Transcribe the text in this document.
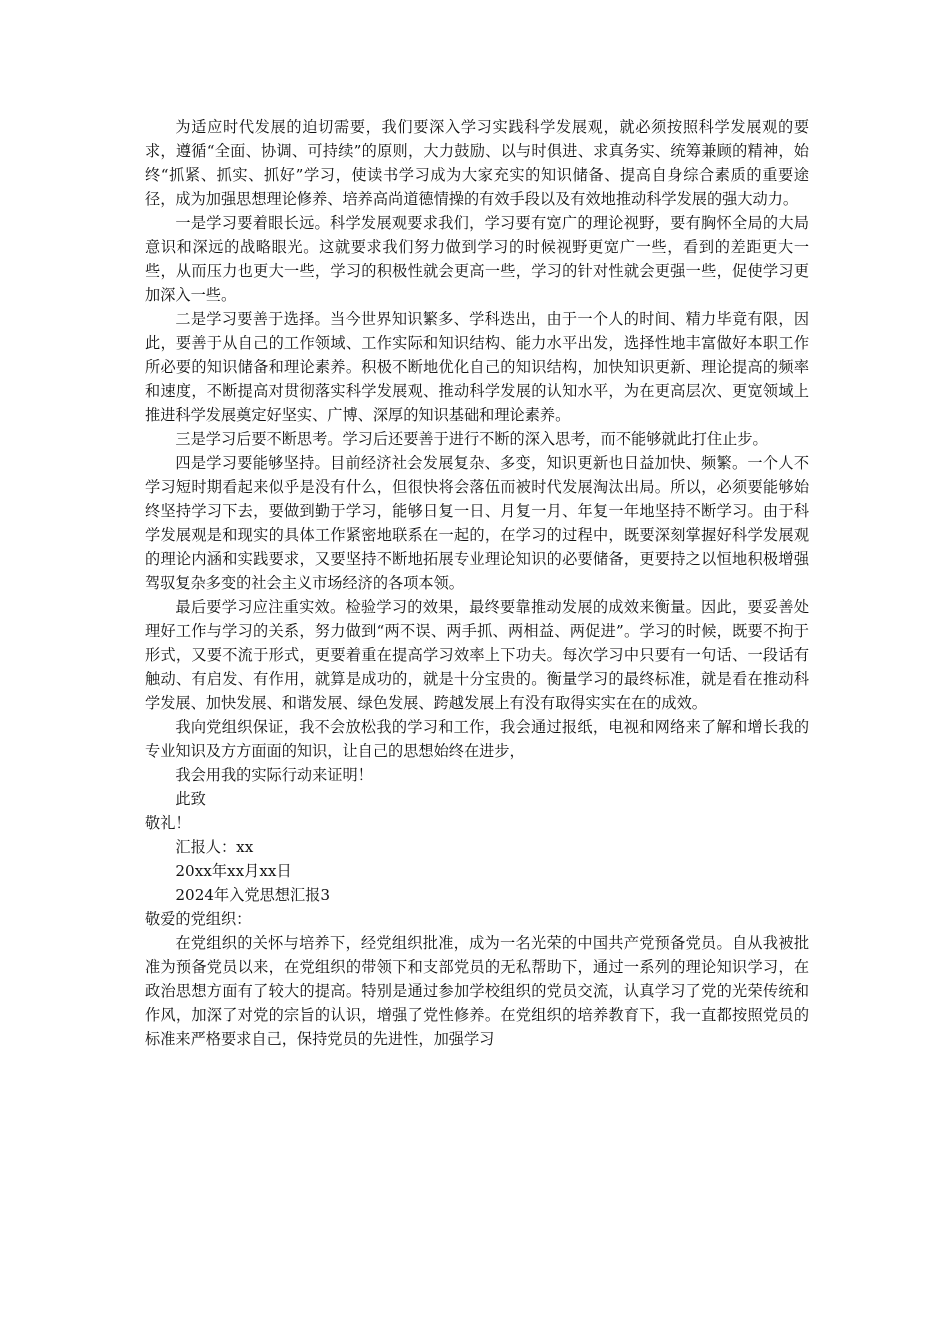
为适应时代发展的迫切需要，我们要深入学习实践科学发展观，就必须按照科学发展观的要求，遵循“全面、协调、可持续”的原则，大力鼓励、以与时俱进、求真务实、统筹兼顾的精神，始终“抓紧、抓实、抓好”学习，使读书学习成为大家充实的知识储备、提高自身综合素质的重要途径，成为加强思想理论修养、培养高尚道德情操的有效手段以及有效地推动科学发展的强大动力。

一是学习要着眼长远。科学发展观要求我们，学习要有宽广的理论视野，要有胸怀全局的大局意识和深远的战略眼光。这就要求我们努力做到学习的时候视野更宽广一些，看到的差距更大一些，从而压力也更大一些，学习的积极性就会更高一些，学习的针对性就会更强一些，促使学习更加深入一些。

二是学习要善于选择。当今世界知识繁多、学科迭出，由于一个人的时间、精力毕竟有限，因此，要善于从自己的工作领域、工作实际和知识结构、能力水平出发，选择性地丰富做好本职工作所必要的知识储备和理论素养。积极不断地优化自己的知识结构，加快知识更新、理论提高的频率和速度，不断提高对贯彻落实科学发展观、推动科学发展的认知水平，为在更高层次、更宽领域上推进科学发展奠定好坚实、广博、深厚的知识基础和理论素养。

三是学习后要不断思考。学习后还要善于进行不断的深入思考，而不能够就此打住止步。

四是学习要能够坚持。目前经济社会发展复杂、多变，知识更新也日益加快、频繁。一个人不学习短时期看起来似乎是没有什么，但很快将会落伍而被时代发展淘汰出局。所以，必须要能够始终坚持学习下去，要做到勤于学习，能够日复一日、月复一月、年复一年地坚持不断学习。由于科学发展观是和现实的具体工作紧密地联系在一起的，在学习的过程中，既要深刻掌握好科学发展观的理论内涵和实践要求，又要坚持不断地拓展专业理论知识的必要储备，更要持之以恒地积极增强驾驭复杂多变的社会主义市场经济的各项本领。

最后要学习应注重实效。检验学习的效果，最终要靠推动发展的成效来衡量。因此，要妥善处理好工作与学习的关系，努力做到“两不误、两手抓、两相益、两促进”。学习的时候，既要不拘于形式，又要不流于形式，更要着重在提高学习效率上下功夫。每次学习中只要有一句话、一段话有触动、有启发、有作用，就算是成功的，就是十分宝贵的。衡量学习的最终标准，就是看在推动科学发展、加快发展、和谐发展、绿色发展、跨越发展上有没有取得实实在在的成效。

我向党组织保证，我不会放松我的学习和工作，我会通过报纸，电视和网络来了解和增长我的专业知识及方方面面的知识，让自己的思想始终在进步，

我会用我的实际行动来证明！

此致

敬礼！

汇报人：xx

20xx年xx月xx日

2024年入党思想汇报3

敬爱的党组织：

在党组织的关怀与培养下，经党组织批准，成为一名光荣的中国共产党预备党员。自从我被批准为预备党员以来，在党组织的带领下和支部党员的无私帮助下，通过一系列的理论知识学习，在政治思想方面有了较大的提高。特别是通过参加学校组织的党员交流，认真学习了党的光荣传统和作风，加深了对党的宗旨的认识，增强了党性修养。在党组织的培养教育下，我一直都按照党员的标准来严格要求自己，保持党员的先进性，加强学习
